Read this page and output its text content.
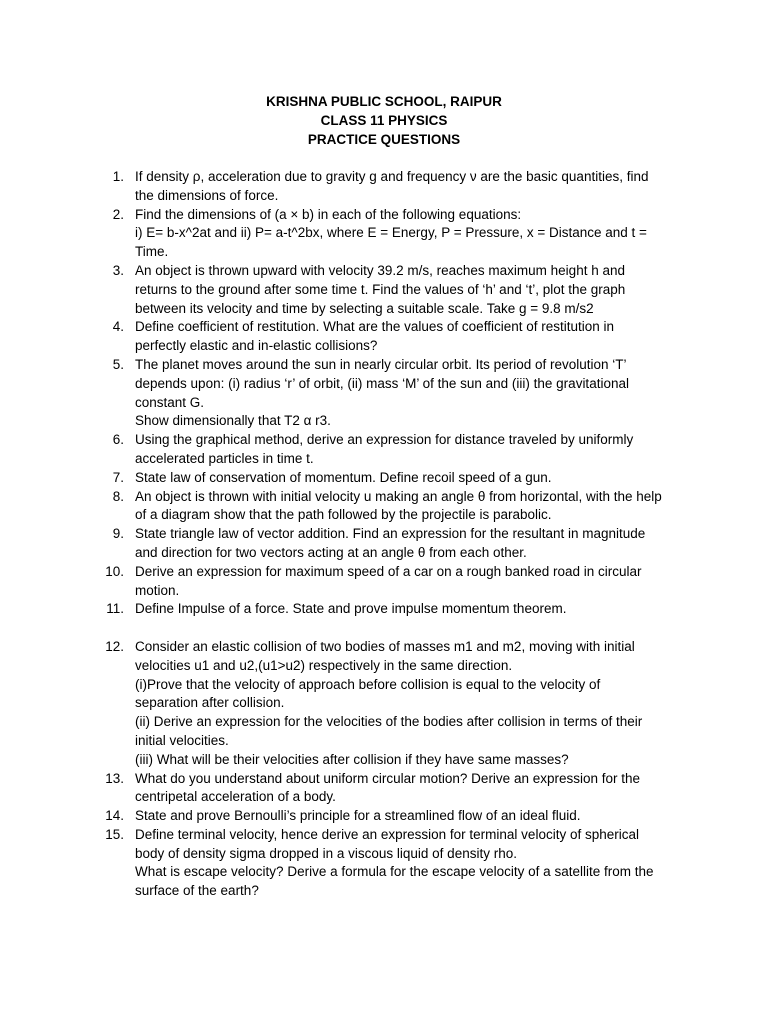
KRISHNA PUBLIC SCHOOL, RAIPUR
CLASS 11 PHYSICS
PRACTICE QUESTIONS
1. If density ρ, acceleration due to gravity g and frequency ν are the basic quantities, find
the dimensions of force.
2. Find the dimensions of (a × b) in each of the following equations:
i) E= b-x^2at and ii) P= a-t^2bx, where E = Energy, P = Pressure, x = Distance and t =
Time.
3. An object is thrown upward with velocity 39.2 m/s, reaches maximum height h and
returns to the ground after some time t. Find the values of ‘h’ and ‘t’, plot the graph
between its velocity and time by selecting a suitable scale. Take g = 9.8 m/s2
4. Define coefficient of restitution. What are the values of coefficient of restitution in
perfectly elastic and in-elastic collisions?
5. The planet moves around the sun in nearly circular orbit. Its period of revolution ‘T’
depends upon: (i) radius ‘r’ of orbit, (ii) mass ‘M’ of the sun and (iii) the gravitational
constant G.
Show dimensionally that T2 α r3.
6. Using the graphical method, derive an expression for distance traveled by uniformly
accelerated particles in time t.
7. State law of conservation of momentum. Define recoil speed of a gun.
8. An object is thrown with initial velocity u making an angle θ from horizontal, with the help
of a diagram show that the path followed by the projectile is parabolic.
9. State triangle law of vector addition. Find an expression for the resultant in magnitude
and direction for two vectors acting at an angle θ from each other.
10. Derive an expression for maximum speed of a car on a rough banked road in circular
motion.
11. Define Impulse of a force. State and prove impulse momentum theorem.
12. Consider an elastic collision of two bodies of masses m1 and m2, moving with initial
velocities u1 and u2,(u1>u2) respectively in the same direction.
(i)Prove that the velocity of approach before collision is equal to the velocity of
separation after collision.
(ii) Derive an expression for the velocities of the bodies after collision in terms of their
initial velocities.
(iii) What will be their velocities after collision if they have same masses?
13. What do you understand about uniform circular motion? Derive an expression for the
centripetal acceleration of a body.
14. State and prove Bernoulli’s principle for a streamlined flow of an ideal fluid.
15. Define terminal velocity, hence derive an expression for terminal velocity of spherical
body of density sigma dropped in a viscous liquid of density rho.
What is escape velocity? Derive a formula for the escape velocity of a satellite from the
surface of the earth?
